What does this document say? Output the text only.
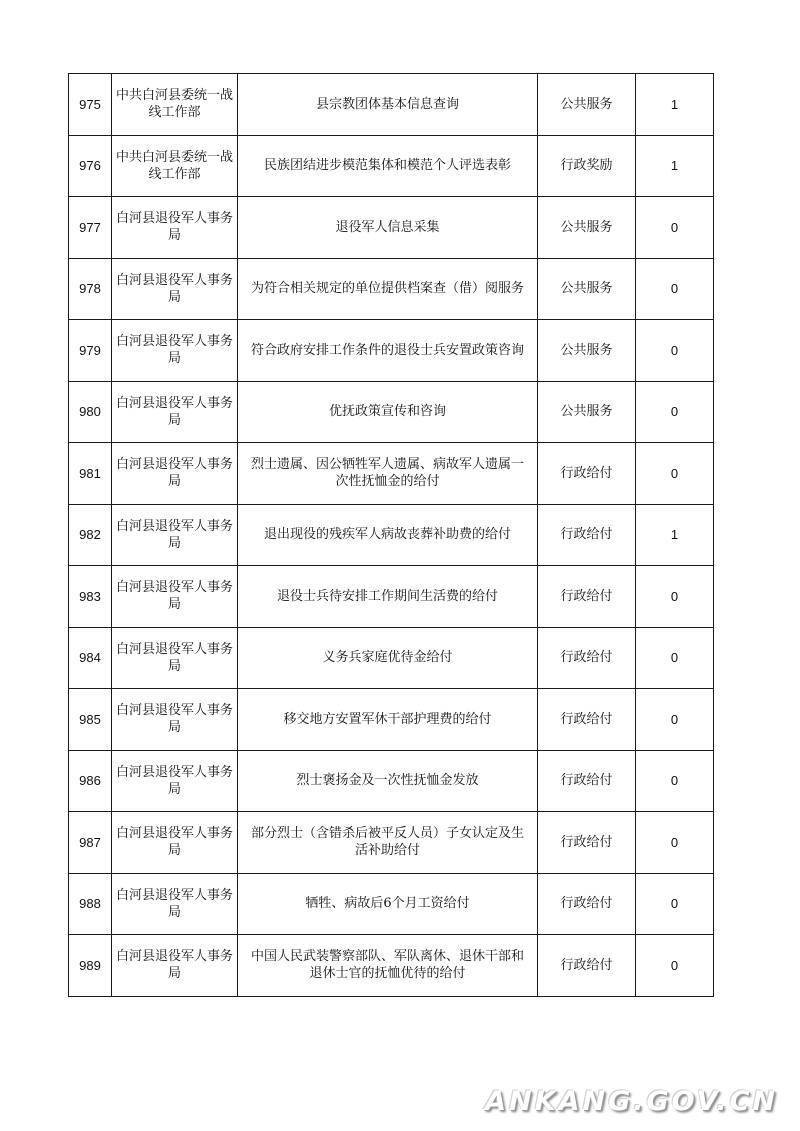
975	中共白河县委统一战线工作部	县宗教团体基本信息查询	公共服务	1
976	中共白河县委统一战线工作部	民族团结进步模范集体和模范个人评选表彰	行政奖励	1
977	白河县退役军人事务局	退役军人信息采集	公共服务	0
978	白河县退役军人事务局	为符合相关规定的单位提供档案查（借）阅服务	公共服务	0
979	白河县退役军人事务局	符合政府安排工作条件的退役士兵安置政策咨询	公共服务	0
980	白河县退役军人事务局	优抚政策宣传和咨询	公共服务	0
981	白河县退役军人事务局	烈士遗属、因公牺牲军人遗属、病故军人遗属一次性抚恤金的给付	行政给付	0
982	白河县退役军人事务局	退出现役的残疾军人病故丧葬补助费的给付	行政给付	1
983	白河县退役军人事务局	退役士兵待安排工作期间生活费的给付	行政给付	0
984	白河县退役军人事务局	义务兵家庭优待金给付	行政给付	0
985	白河县退役军人事务局	移交地方安置军休干部护理费的给付	行政给付	0
986	白河县退役军人事务局	烈士褒扬金及一次性抚恤金发放	行政给付	0
987	白河县退役军人事务局	部分烈士（含错杀后被平反人员）子女认定及生活补助给付	行政给付	0
988	白河县退役军人事务局	牺牲、病故后6个月工资给付	行政给付	0
989	白河县退役军人事务局	中国人民武装警察部队、军队离休、退休干部和退休士官的抚恤优待的给付	行政给付	0
ANKANG.GOV.CN
